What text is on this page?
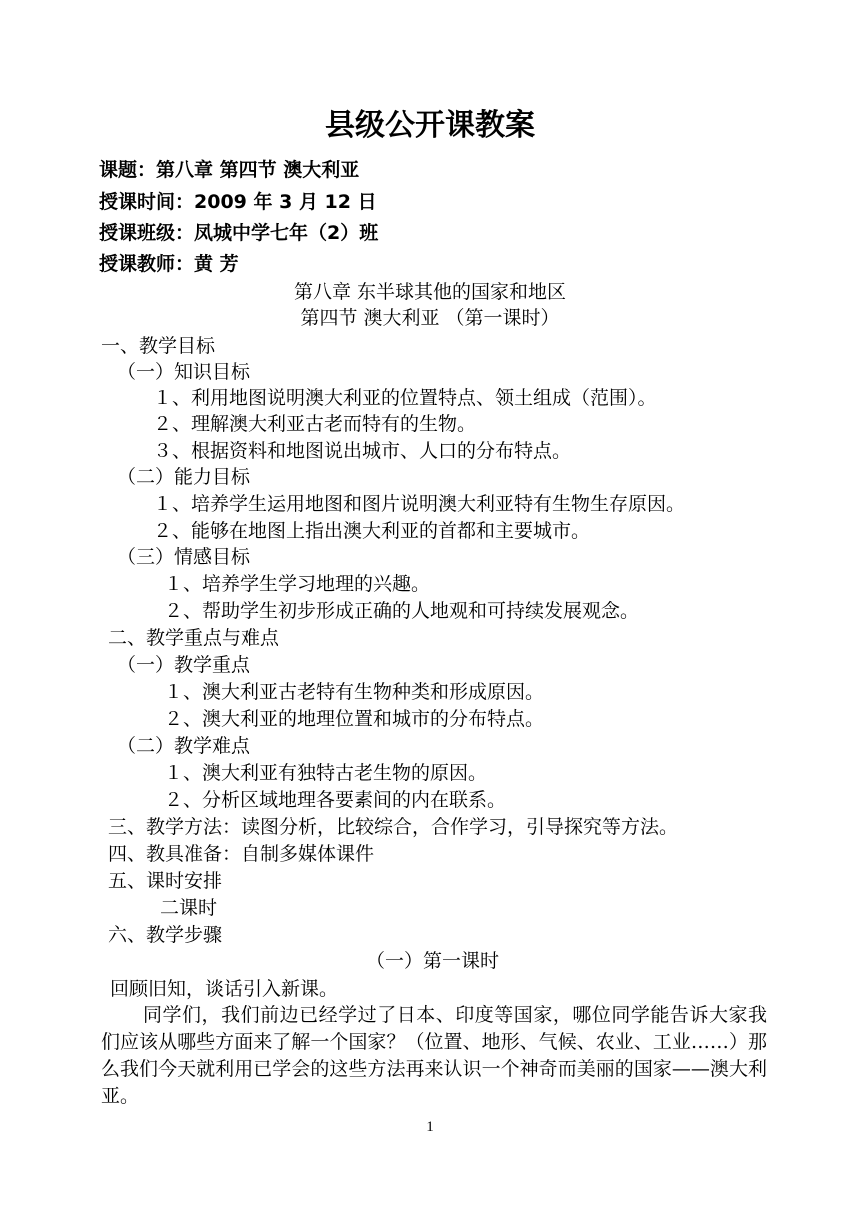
县级公开课教案
课题：第八章 第四节 澳大利亚
授课时间：2009 年 3 月 12 日
授课班级：凤城中学七年（2）班
授课教师：黄 芳
第八章 东半球其他的国家和地区
第四节 澳大利亚 （第一课时）
一、教学目标
（一）知识目标
１、利用地图说明澳大利亚的位置特点、领土组成（范围）。
２、理解澳大利亚古老而特有的生物。
３、根据资料和地图说出城市、人口的分布特点。
（二）能力目标
１、培养学生运用地图和图片说明澳大利亚特有生物生存原因。
２、能够在地图上指出澳大利亚的首都和主要城市。
（三）情感目标
１、培养学生学习地理的兴趣。
２、帮助学生初步形成正确的人地观和可持续发展观念。
二、教学重点与难点
（一）教学重点
１、澳大利亚古老特有生物种类和形成原因。
２、澳大利亚的地理位置和城市的分布特点。
（二）教学难点
１、澳大利亚有独特古老生物的原因。
２、分析区域地理各要素间的内在联系。
三、教学方法：读图分析，比较综合，合作学习，引导探究等方法。
四、教具准备：自制多媒体课件
五、课时安排
二课时
六、教学步骤
（一）第一课时
回顾旧知，谈话引入新课。
同学们，我们前边已经学过了日本、印度等国家，哪位同学能告诉大家我们应该从哪些方面来了解一个国家？（位置、地形、气候、农业、工业……）那么我们今天就利用已学会的这些方法再来认识一个神奇而美丽的国家——澳大利亚。
1
